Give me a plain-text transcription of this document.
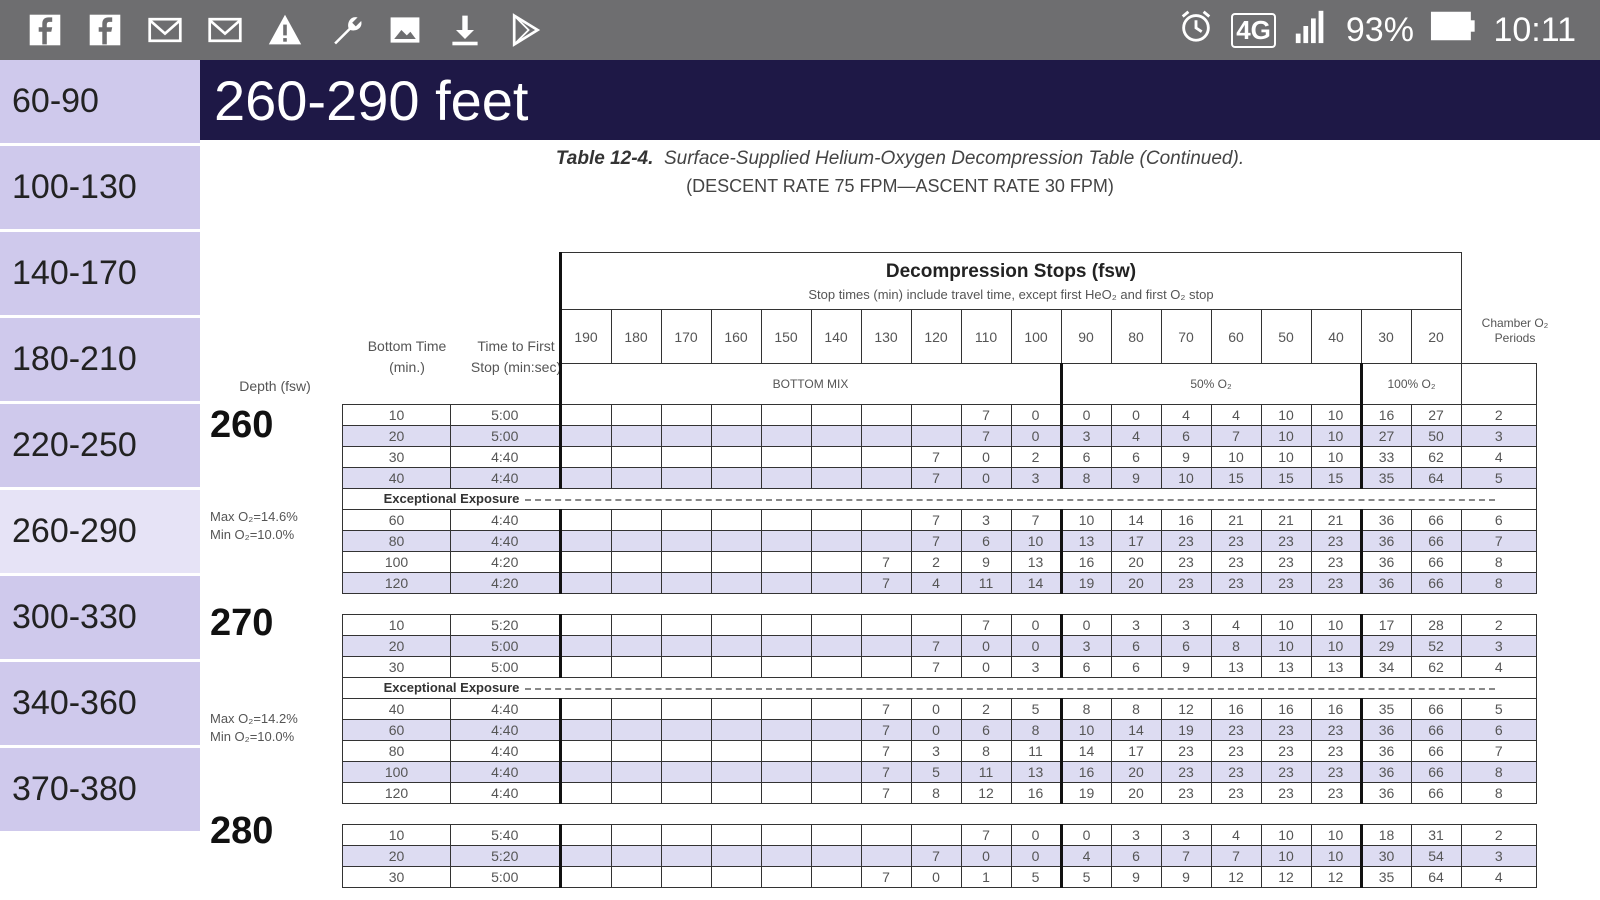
4G 93% 10:11
60-90
100-130
140-170
180-210
220-250
260-290
300-330
340-360
370-380
260-290 feet
Table 12-4. Surface-Supplied Helium-Oxygen Decompression Table (Continued).
(DESCENT RATE 75 FPM—ASCENT RATE 30 FPM)
Bottom Time (min.)
Time to First Stop (min:sec)
Depth (fsw)
Chamber O₂ Periods

		Decompression Stops (fsw)
Stop times (min) include travel time, except first HeO₂ and first O₂ stop																		

		190	180	170	160	150	140	130	120	110	100	90	80	70	60	50	40	30	20	
		BOTTOM MIX										50% O₂						100% O₂		
10	5:00									7	0	0	0	4	4	10	10	16	27	2
20	5:00									7	0	3	4	6	7	10	10	27	50	3
30	4:40								7	0	2	6	6	9	10	10	10	33	62	4
40	4:40								7	0	3	8	9	10	15	15	15	35	64	5
Exceptional Exposure																				
60	4:40								7	3	7	10	14	16	21	21	21	36	66	6
80	4:40								7	6	10	13	17	23	23	23	23	36	66	7
100	4:20							7	2	9	13	16	20	23	23	23	23	36	66	8
120	4:20							7	4	11	14	19	20	23	23	23	23	36	66	8

10	5:20									7	0	0	3	3	4	10	10	17	28	2
20	5:00								7	0	0	3	6	6	8	10	10	29	52	3
30	5:00								7	0	3	6	6	9	13	13	13	34	62	4
Exceptional Exposure																				
40	4:40							7	0	2	5	8	8	12	16	16	16	35	66	5
60	4:40							7	0	6	8	10	14	19	23	23	23	36	66	6
80	4:40							7	3	8	11	14	17	23	23	23	23	36	66	7
100	4:40							7	5	11	13	16	20	23	23	23	23	36	66	8
120	4:40							7	8	12	16	19	20	23	23	23	23	36	66	8

10	5:40									7	0	0	3	3	4	10	10	18	31	2
20	5:20								7	0	0	4	6	7	7	10	10	30	54	3
30	5:00							7	0	1	5	5	9	9	12	12	12	35	64	4
260
Max O₂=14.6%
Min O₂=10.0%
270
Max O₂=14.2%
Min O₂=10.0%
280
